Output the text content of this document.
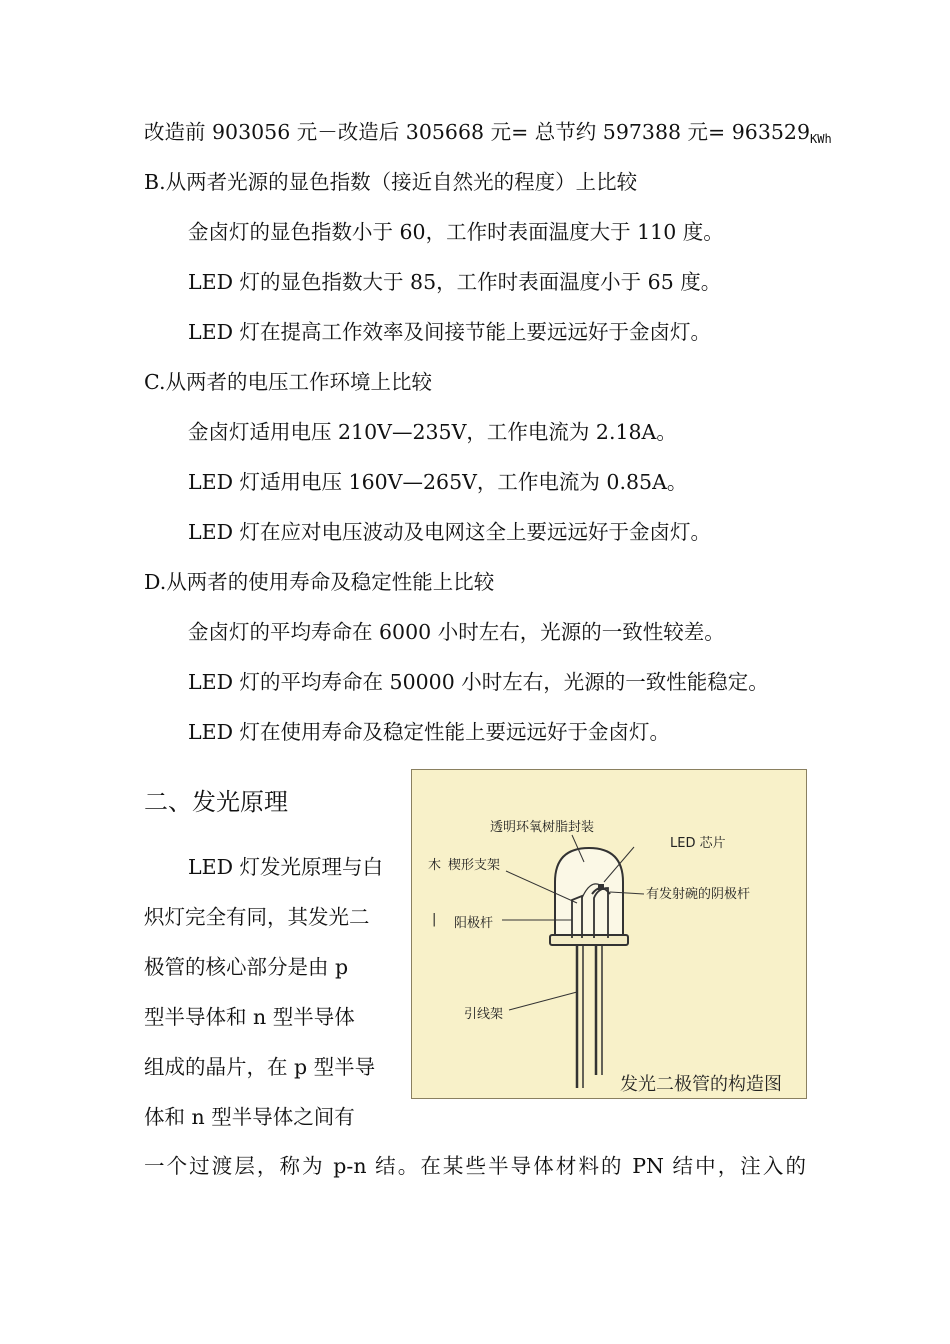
改造前 903056 元－改造后 305668 元= 总节约 597388 元= 963529KWh
B.从两者光源的显色指数（接近自然光的程度）上比较
金卤灯的显色指数小于 60，工作时表面温度大于 110 度。
LED 灯的显色指数大于 85，工作时表面温度小于 65 度。
LED 灯在提高工作效率及间接节能上要远远好于金卤灯。
C.从两者的电压工作环境上比较
金卤灯适用电压 210V—235V，工作电流为 2.18A。
LED 灯适用电压 160V—265V，工作电流为 0.85A。
LED 灯在应对电压波动及电网这全上要远远好于金卤灯。
D.从两者的使用寿命及稳定性能上比较
金卤灯的平均寿命在 6000 小时左右，光源的一致性较差。
LED 灯的平均寿命在 50000 小时左右，光源的一致性能稳定。
LED 灯在使用寿命及稳定性能上要远远好于金卤灯。
二、发光原理
LED 灯发光原理与白
炽灯完全有同，其发光二
极管的核心部分是由 p
型半导体和 n 型半导体
组成的晶片，在 p 型半导
体和 n 型半导体之间有
一个过渡层，称为 p-n 结。在某些半导体材料的 PN 结中，注入的
透明环氧树脂封装
LED 芯片
木 楔形支架
有发射碗的阴极杆
| 阳极杆
引线架
发光二极管的构造图
